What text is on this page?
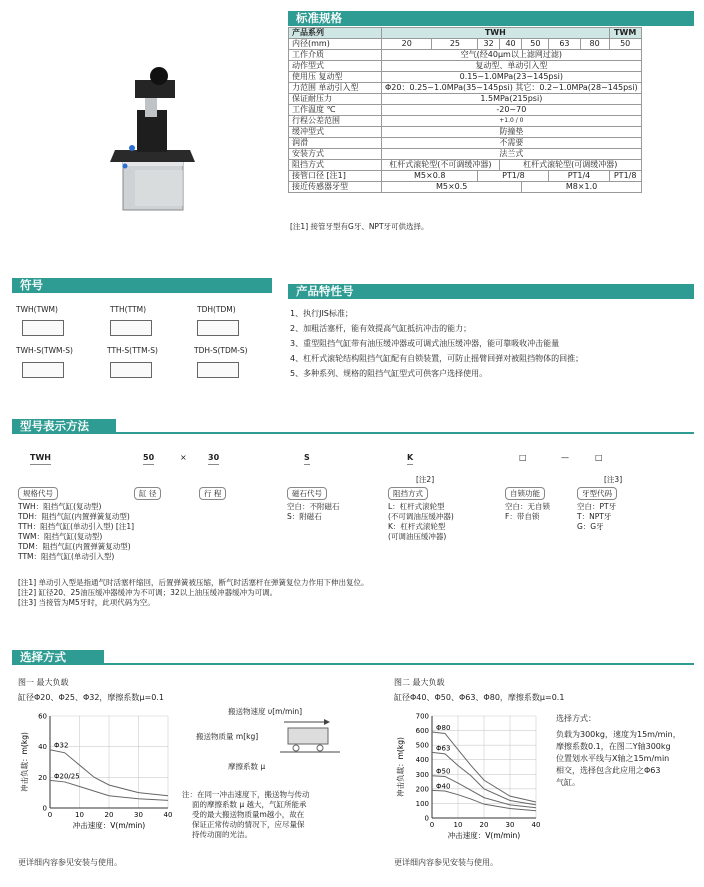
标准规格
产品系列	TWH							TWM
内径(mm)	20	25	32	40	50	63	80	50
工作介质	空气(经40μm以上滤网过滤)							
动作型式	复动型、单动引入型							
使用压 复动型	0.15~1.0MPa(23~145psi)							
力范围 单动引入型	Φ20：0.25~1.0MPa(35~145psi) 其它：0.2~1.0MPa(28~145psi)							
保证耐压力	1.5MPa(215psi)							
工作温度 ℃	-20~70							
行程公差范围	+1.0 / 0							
缓冲型式	防撞垫							
润滑	不需要							
安装方式	法兰式							
阻挡方式	杠杆式滚轮型(不可调缓冲器)			杠杆式滚轮型(可调缓冲器)				
接管口径 [注1]	M5×0.8		PT1/8			PT1/4		PT1/8
接近传感器牙型	M5×0.5				M8×1.0			
[注1] 接管牙型有G牙、NPT牙可供选择。
符号
TWH(TWM)	TTH(TTM)	TDH(TDM)
TWH-S(TWM-S)	TTH-S(TTM-S)	TDH-S(TDM-S)
产品特性号
1、执行JIS标准；
2、加粗活塞杆，能有效提高气缸抵抗冲击的能力；
3、重型阻挡气缸带有油压缓冲器或可调式油压缓冲器，能可靠吸收冲击能量
4、杠杆式滚轮结构阻挡气缸配有自锁装置，可防止摇臂回弹对被阻挡物体的回推；
5、多种系列、规格的阻挡气缸型式可供客户选择使用。
型号表示方法
TWH	50	×	30	S	K	□	—	□
[注2]	[注3]
规格代号	缸 径	行 程	磁石代号	阻挡方式	自锁功能	牙型代码
TWH：阻挡气缸(复动型)
TDH：阻挡气缸(内置弹簧复动型)
TTH：阻挡气缸(单动引入型) [注1]
TWM：阻挡气缸(复动型)
TDM：阻挡气缸(内置弹簧复动型)
TTM：阻挡气缸(单动引入型)
空白：不附磁石
S：附磁石
L：杠杆式滚轮型
(不可调油压缓冲器)
K：杠杆式滚轮型
(可调油压缓冲器)
空白：无自锁
F：带自锁
空白：PT牙
T：NPT牙
G：G牙
[注1] 单动引入型是指通气时活塞杆缩回，后置弹簧被压缩，断气时活塞杆在弹簧复位力作用下伸出复位。
[注2] 缸径20、25油压缓冲器缓冲为不可调；32以上油压缓冲器缓冲为可调。
[注3] 当接管为M5牙时，此项代码为空。
选择方式
图一 最大负载
缸径Φ20、Φ25、Φ32，摩擦系数μ=0.1
图二 最大负载
缸径Φ40、Φ50、Φ63、Φ80，摩擦系数μ=0.1
0	10	20	30	40
0
20
40
60
Φ32
Φ20/25
冲击速度：V(m/min)
冲击负载：m(kg)
0	10 20 30 40
0
100
200
300
400
500
600
700
Φ80
Φ63
Φ50
Φ40
冲击速度：V(m/min)
冲击负载：m(kg)
搬送物速度 υ[m/min]
搬送物质量 m[kg]
摩擦系数 μ
注：在同一冲击速度下，搬送物与传动
面的摩擦系数 μ 越大，气缸所能承
受的最大搬送物质量m越小，故在
保证正常传动的情况下，应尽量保
持传动面的光洁。
选择方式：
负载为300kg，速度为15m/min，
摩擦系数0.1，在图二Y轴300kg
位置划水平线与X轴之15m/min
相交，选择包含此应用之Φ63
气缸。
更详细内容参见安装与使用。	更详细内容参见安装与使用。
